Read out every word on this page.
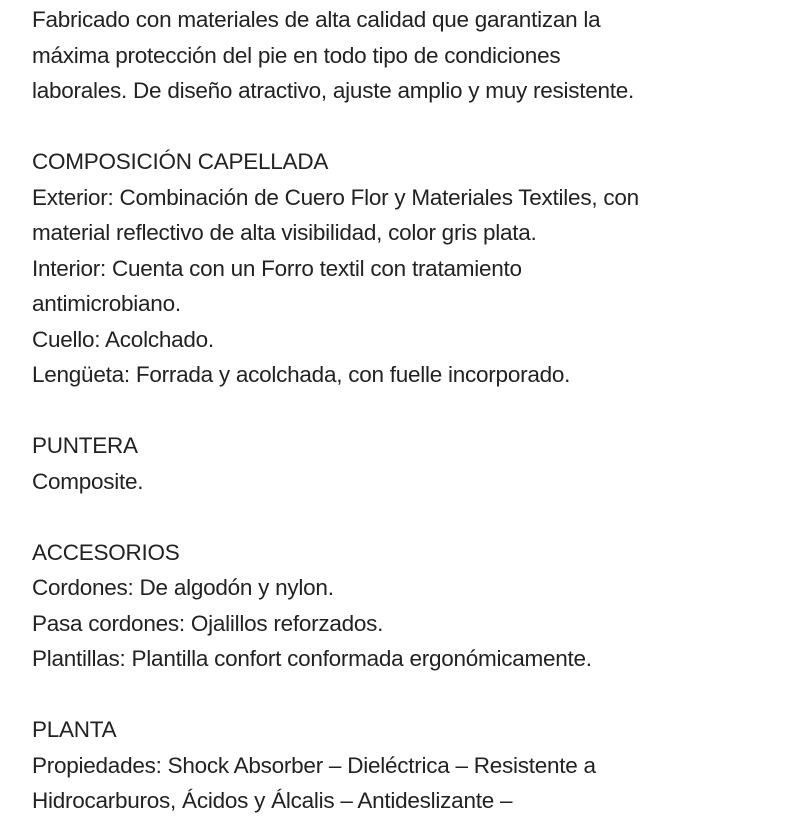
Fabricado con materiales de alta calidad que garantizan la
máxima protección del pie en todo tipo de condiciones
laborales. De diseño atractivo, ajuste amplio y muy resistente.
COMPOSICIÓN CAPELLADA
Exterior: Combinación de Cuero Flor y Materiales Textiles, con
material reflectivo de alta visibilidad, color gris plata.
Interior: Cuenta con un Forro textil con tratamiento
antimicrobiano.
Cuello: Acolchado.
Lengüeta: Forrada y acolchada, con fuelle incorporado.
PUNTERA
Composite.
ACCESORIOS
Cordones: De algodón y nylon.
Pasa cordones: Ojalillos reforzados.
Plantillas: Plantilla confort conformada ergonómicamente.
PLANTA
Propiedades: Shock Absorber – Dieléctrica – Resistente a
Hidrocarburos, Ácidos y Álcalis – Antideslizante –
